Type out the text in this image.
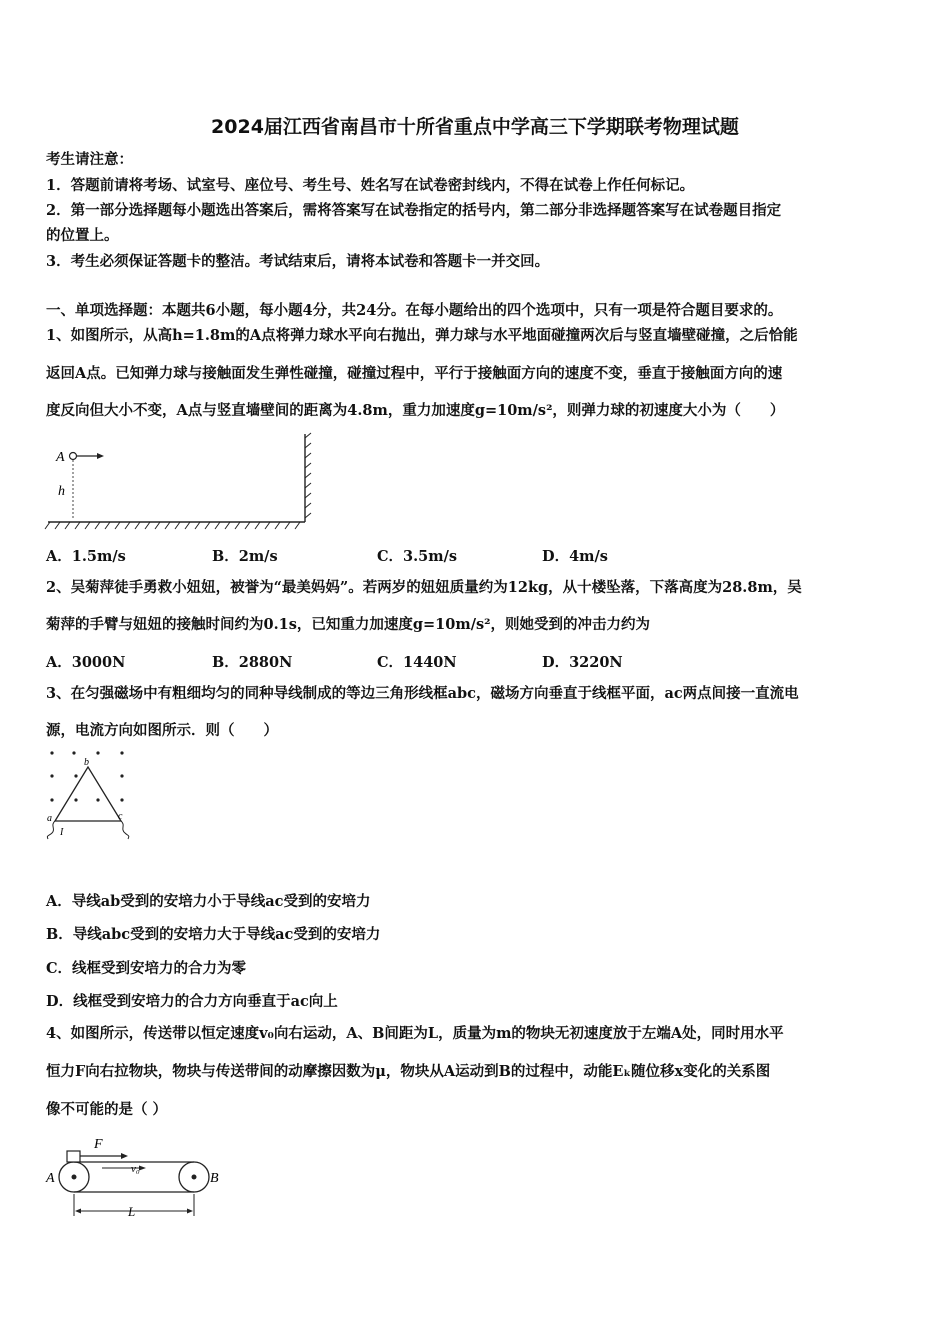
2024届江西省南昌市十所省重点中学高三下学期联考物理试题
考生请注意：
1．答题前请将考场、试室号、座位号、考生号、姓名写在试卷密封线内，不得在试卷上作任何标记。
2．第一部分选择题每小题选出答案后，需将答案写在试卷指定的括号内，第二部分非选择题答案写在试卷题目指定
的位置上。
3．考生必须保证答题卡的整洁。考试结束后，请将本试卷和答题卡一并交回。
一、单项选择题：本题共6小题，每小题4分，共24分。在每小题给出的四个选项中，只有一项是符合题目要求的。
1、如图所示，从高h=1.8m的A点将弹力球水平向右抛出，弹力球与水平地面碰撞两次后与竖直墙壁碰撞，之后恰能
返回A点。已知弹力球与接触面发生弹性碰撞，碰撞过程中，平行于接触面方向的速度不变，垂直于接触面方向的速
度反向但大小不变，A点与竖直墙壁间的距离为4.8m，重力加速度g=10m/s²，则弹力球的初速度大小为（　　）
A
h
A．1.5m/s	B．2m/s	C．3.5m/s	D．4m/s
2、吴菊萍徒手勇救小妞妞，被誉为“最美妈妈”。若两岁的妞妞质量约为12kg，从十楼坠落，下落高度为28.8m，吴
菊萍的手臂与妞妞的接触时间约为0.1s，已知重力加速度g=10m/s²，则她受到的冲击力约为
A．3000N	B．2880N	C．1440N	D．3220N
3、在匀强磁场中有粗细均匀的同种导线制成的等边三角形线框abc，磁场方向垂直于线框平面，ac两点间接一直流电
源，电流方向如图所示．则（　　）
b
a	c
I
A．导线ab受到的安培力小于导线ac受到的安培力
B．导线abc受到的安培力大于导线ac受到的安培力
C．线框受到安培力的合力为零
D．线框受到安培力的合力方向垂直于ac向上
4、如图所示，传送带以恒定速度v₀向右运动，A、B间距为L，质量为m的物块无初速度放于左端A处，同时用水平
恒力F向右拉物块，物块与传送带间的动摩擦因数为μ，物块从A运动到B的过程中，动能Eₖ随位移x变化的关系图
像不可能的是（ ）
F
v₀
A	B
L
